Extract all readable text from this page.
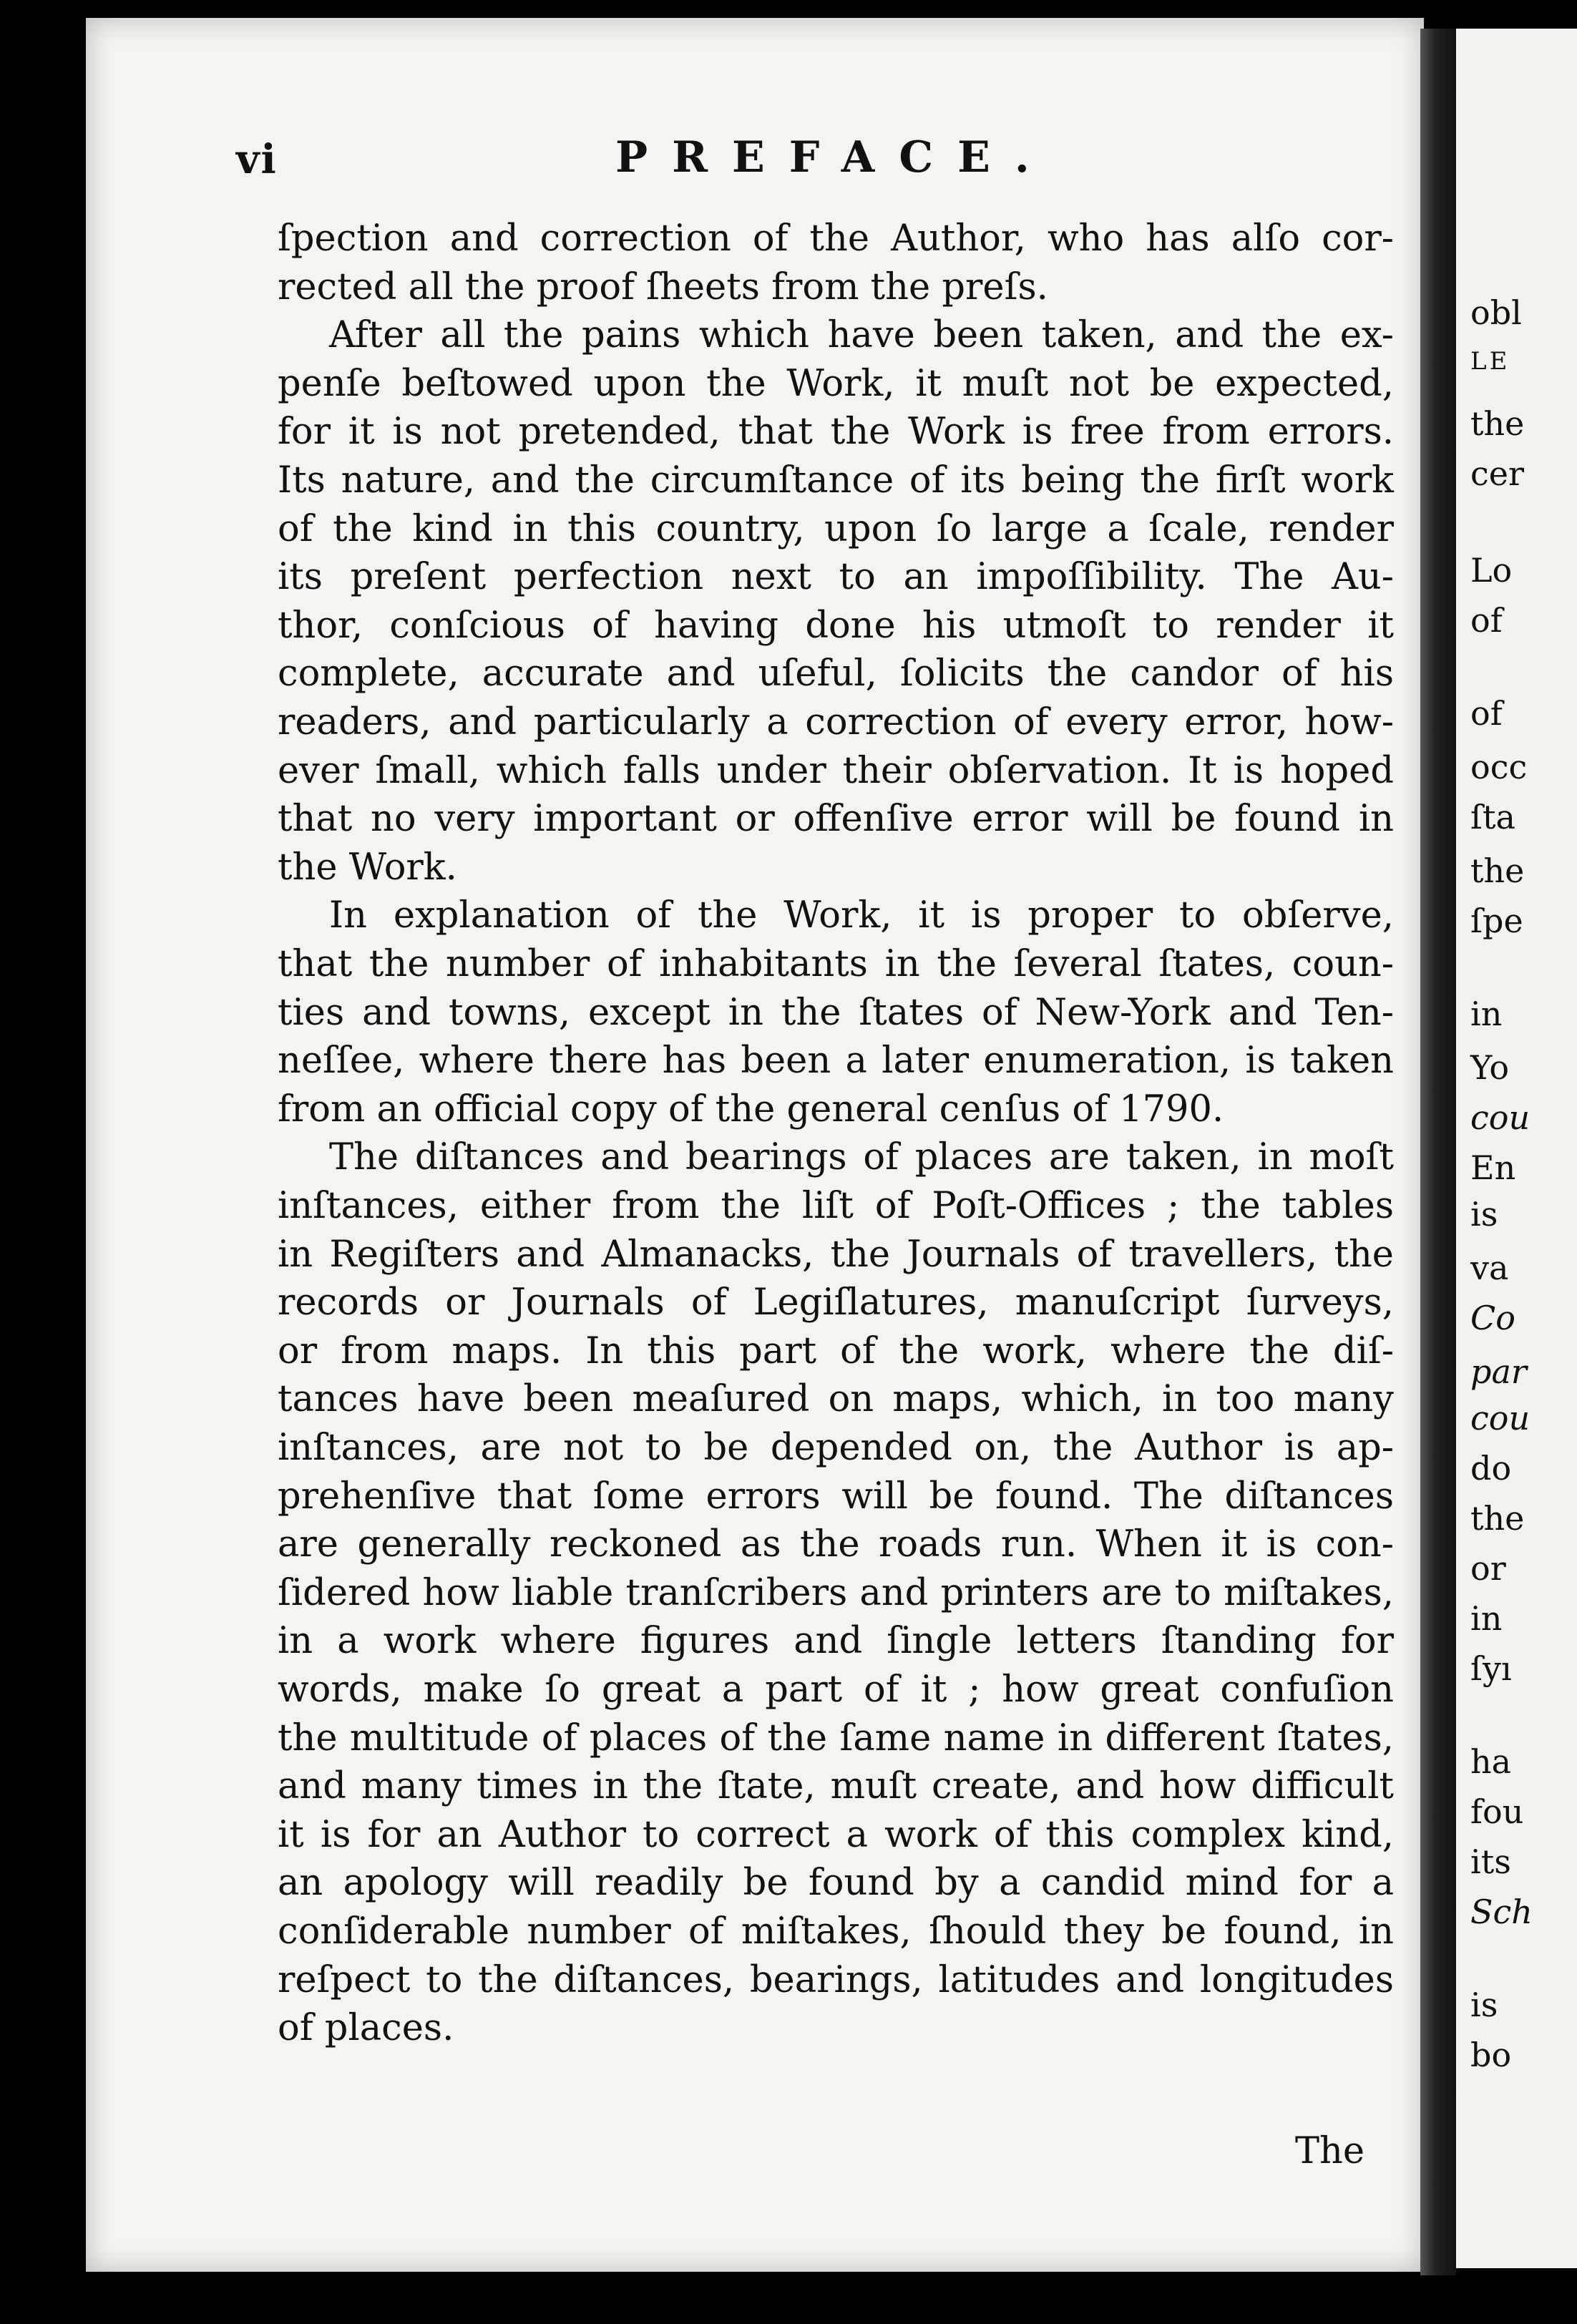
vi	PREFACE.
ſpection and correction of the Author, who has alſo cor-
rected all the proof ſheets from the preſs.
After all the pains which have been taken, and the ex-
penſe beſtowed upon the Work, it muſt not be expected,
for it is not pretended, that the Work is free from errors.
Its nature, and the circumſtance of its being the firſt work
of the kind in this country, upon ſo large a ſcale, render
its preſent perfection next to an impoſſibility. The Au-
thor, conſcious of having done his utmoſt to render it
complete, accurate and uſeful, ſolicits the candor of his
readers, and particularly a correction of every error, how-
ever ſmall, which falls under their obſervation. It is hoped
that no very important or offenſive error will be found in
the Work.
In explanation of the Work, it is proper to obſerve,
that the number of inhabitants in the ſeveral ſtates, coun-
ties and towns, except in the ſtates of New-York and Ten-
neſſee, where there has been a later enumeration, is taken
from an official copy of the general cenſus of 1790.
The diſtances and bearings of places are taken, in moſt
inſtances, either from the liſt of Poſt-Offices ; the tables
in Regiſters and Almanacks, the Journals of travellers, the
records or Journals of Legiſlatures, manuſcript ſurveys,
or from maps. In this part of the work, where the diſ-
tances have been meaſured on maps, which, in too many
inſtances, are not to be depended on, the Author is ap-
prehenſive that ſome errors will be found. The diſtances
are generally reckoned as the roads run. When it is con-
ſidered how liable tranſcribers and printers are to miſtakes,
in a work where figures and ſingle letters ſtanding for
words, make ſo great a part of it ; how great confuſion
the multitude of places of the ſame name in different ſtates,
and many times in the ſtate, muſt create, and how difficult
it is for an Author to correct a work of this complex kind,
an apology will readily be found by a candid mind for a
conſiderable number of miſtakes, ſhould they be found, in
reſpect to the diſtances, bearings, latitudes and longitudes
of places.
The
obl
LE
the
cer
Lo
of
of
occ
ſta
the
ſpe
in
Yo
cou
En
is
va
Co
par
cou
do
the
or
in
ſyı
ha
fou
its
Sch
is
bo
